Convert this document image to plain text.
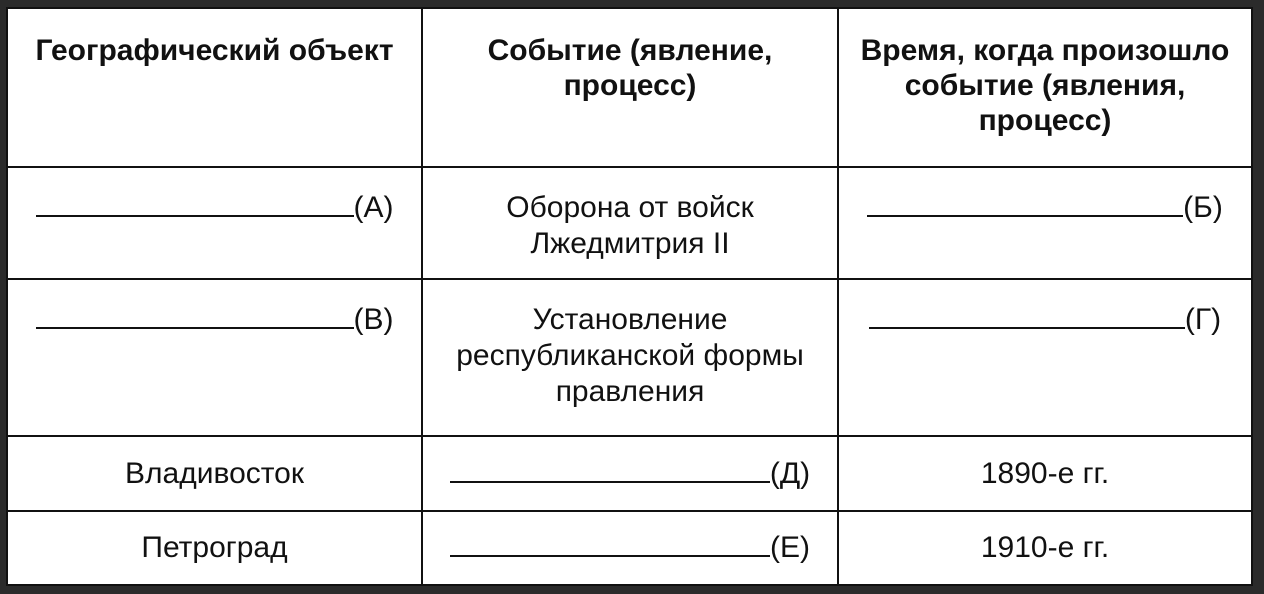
Географический объект	Событие (явление, процесс)	Время, когда произошло событие (явления, процесс)
(А)	Оборона от войск Лжедмитрия II	(Б)
(В)	Установление республиканской формы правления	(Г)
Владивосток	(Д)	1890-е гг.
Петроград	(Е)	1910-е гг.
